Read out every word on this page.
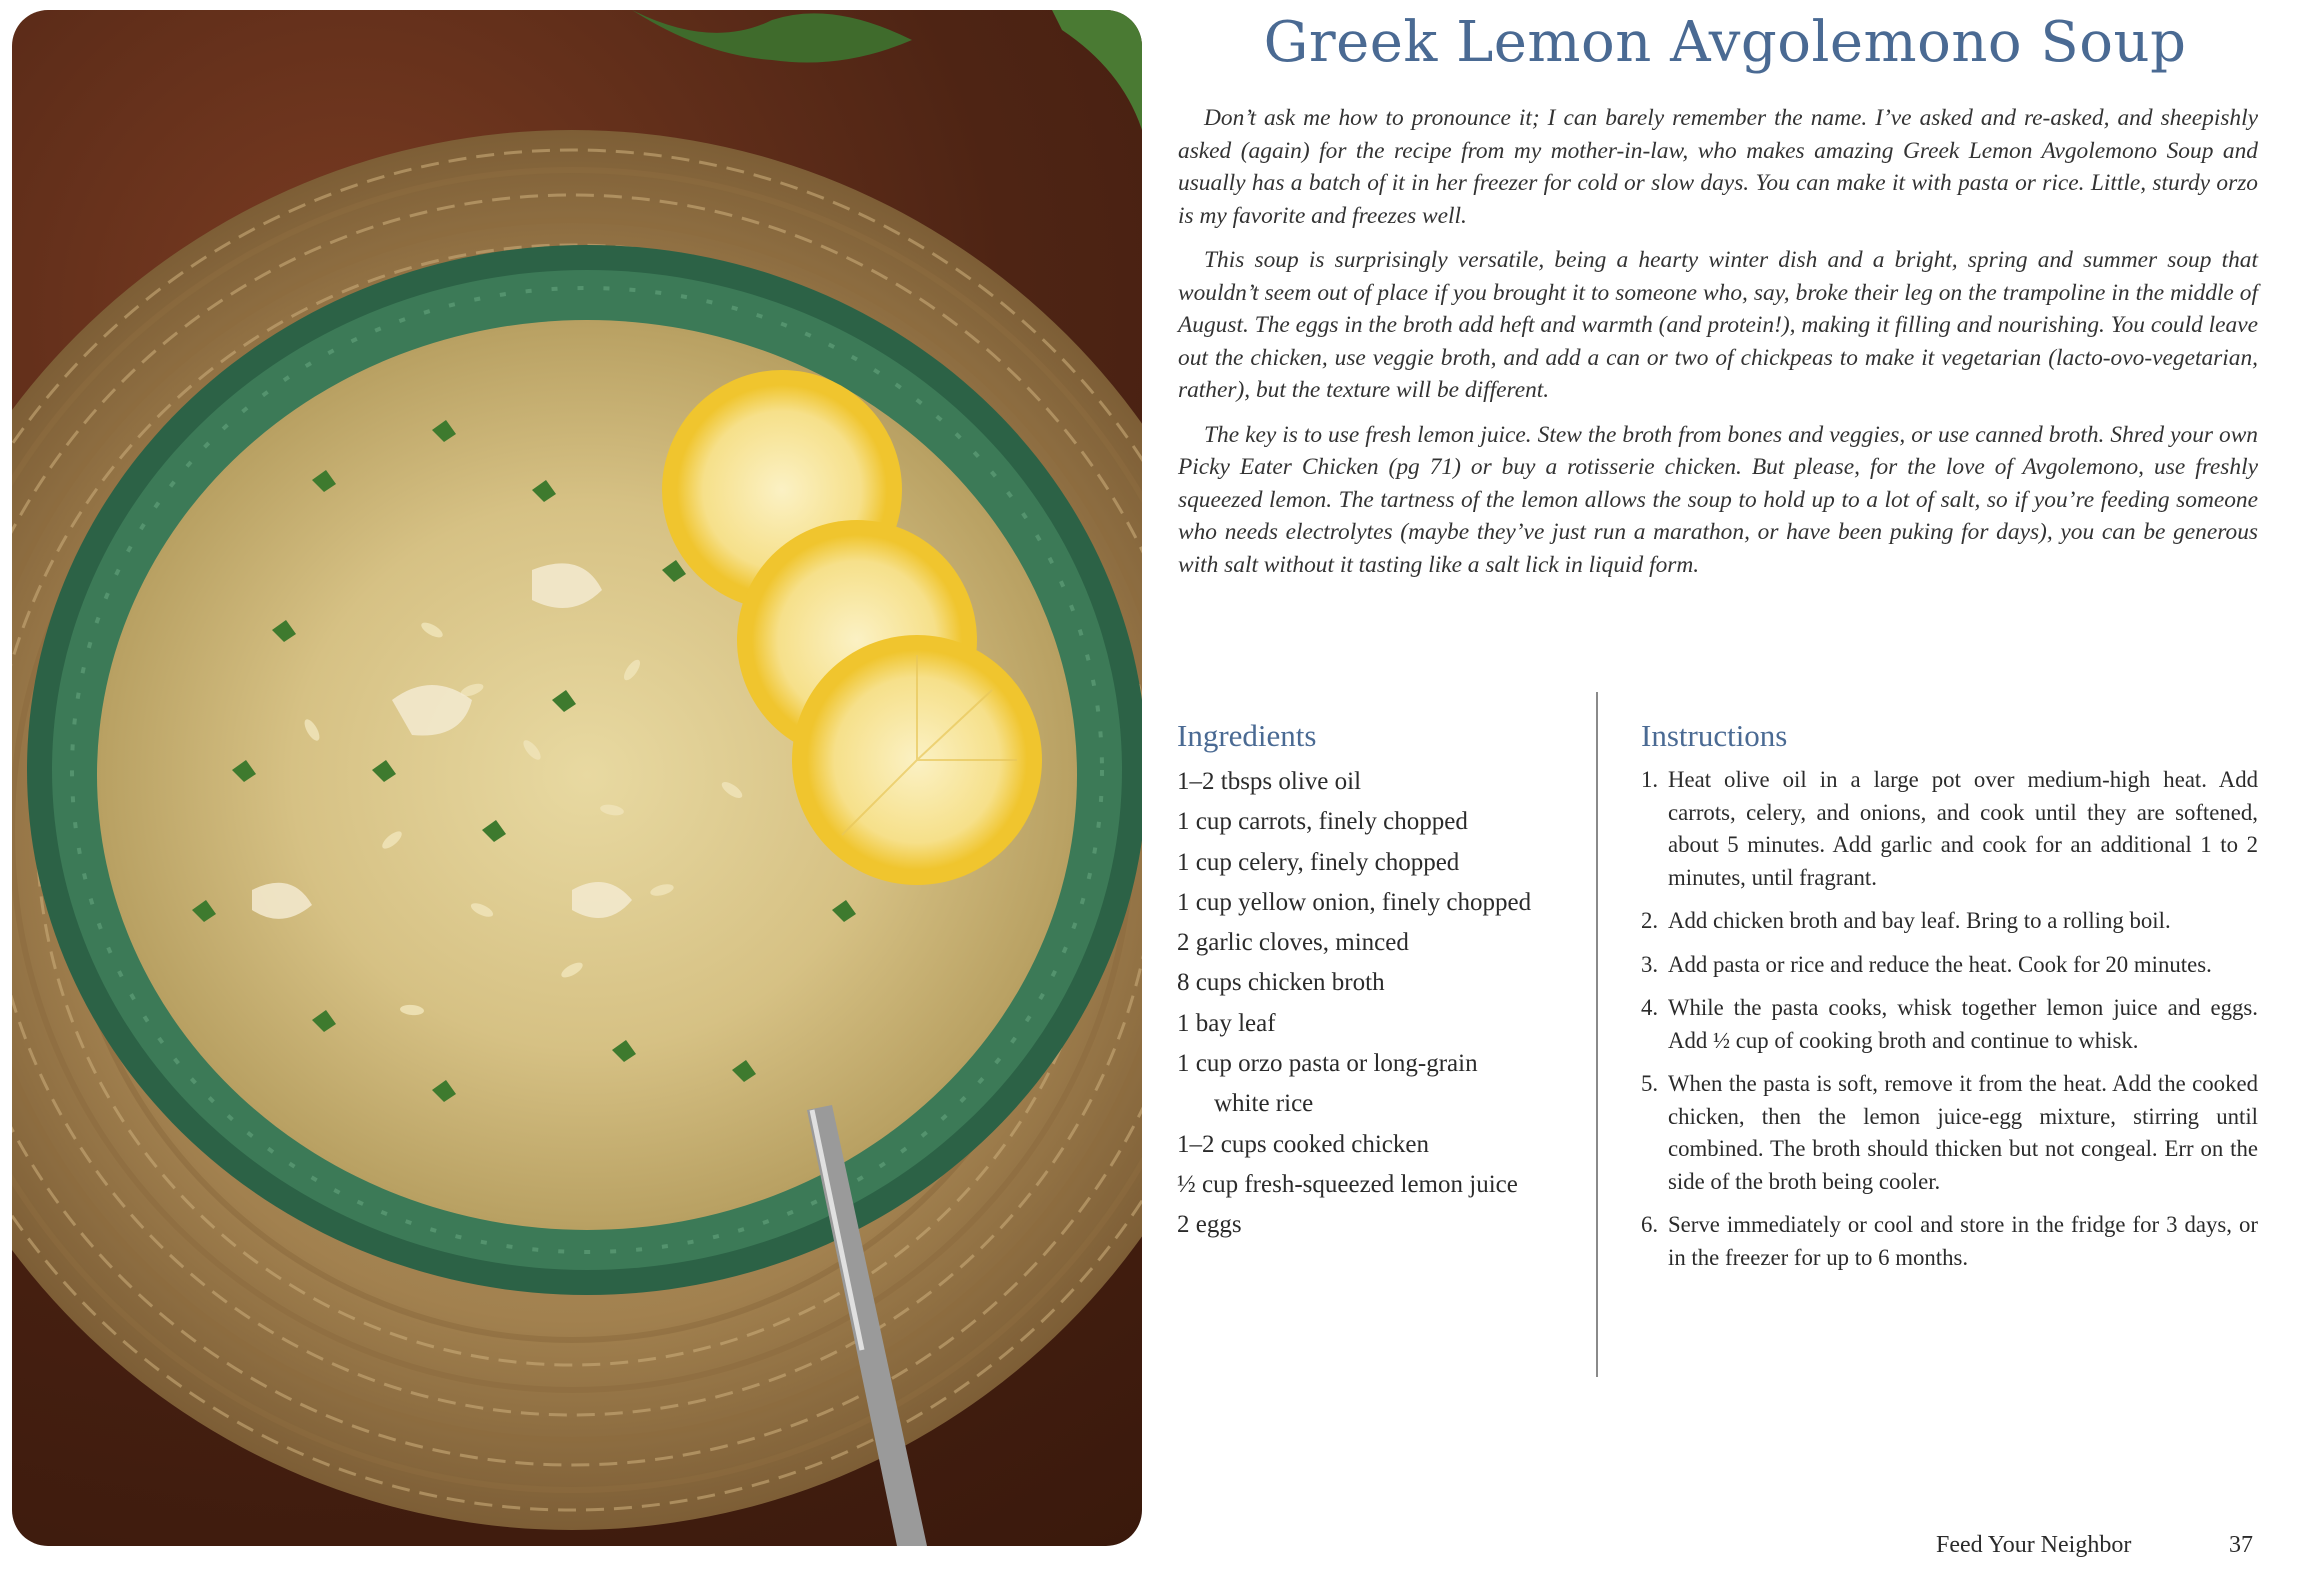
Greek Lemon Avgolemono Soup

Don’t ask me how to pronounce it; I can barely remember the name. I’ve asked and re-asked, and sheepishly asked (again) for the recipe from my mother-in-law, who makes amazing Greek Lemon Avgolemono Soup and usually has a batch of it in her freezer for cold or slow days. You can make it with pasta or rice. Little, sturdy orzo is my favorite and freezes well.

This soup is surprisingly versatile, being a hearty winter dish and a bright, spring and summer soup that wouldn’t seem out of place if you brought it to someone who, say, broke their leg on the trampoline in the middle of August. The eggs in the broth add heft and warmth (and protein!), making it filling and nourishing. You could leave out the chicken, use veggie broth, and add a can or two of chickpeas to make it vegetarian (lacto-ovo-vegetarian, rather), but the texture will be different.

The key is to use fresh lemon juice. Stew the broth from bones and veggies, or use canned broth. Shred your own Picky Eater Chicken (pg 71) or buy a rotisserie chicken. But please, for the love of Avgolemono, use freshly squeezed lemon. The tartness of the lemon allows the soup to hold up to a lot of salt, so if you’re feeding someone who needs electrolytes (maybe they’ve just run a marathon, or have been puking for days), you can be generous with salt without it tasting like a salt lick in liquid form.

Ingredients
1–2 tbsps olive oil
1 cup carrots, finely chopped
1 cup celery, finely chopped
1 cup yellow onion, finely chopped
2 garlic cloves, minced
8 cups chicken broth
1 bay leaf
1 cup orzo pasta or long-grain
white rice
1–2 cups cooked chicken
½ cup fresh-squeezed lemon juice
2 eggs
Instructions
1. Heat olive oil in a large pot over medium-high heat. Add carrots, celery, and onions, and cook until they are softened, about 5 minutes. Add garlic and cook for an additional 1 to 2 minutes, until fragrant.
2. Add chicken broth and bay leaf. Bring to a rolling boil.
3. Add pasta or rice and reduce the heat. Cook for 20 minutes.
4. While the pasta cooks, whisk together lemon juice and eggs. Add ½ cup of cooking broth and continue to whisk.
5. When the pasta is soft, remove it from the heat. Add the cooked chicken, then the lemon juice-egg mixture, stirring until combined. The broth should thicken but not congeal. Err on the side of the broth being cooler.
6. Serve immediately or cool and store in the fridge for 3 days, or in the freezer for up to 6 months.
Feed Your Neighbor	37
